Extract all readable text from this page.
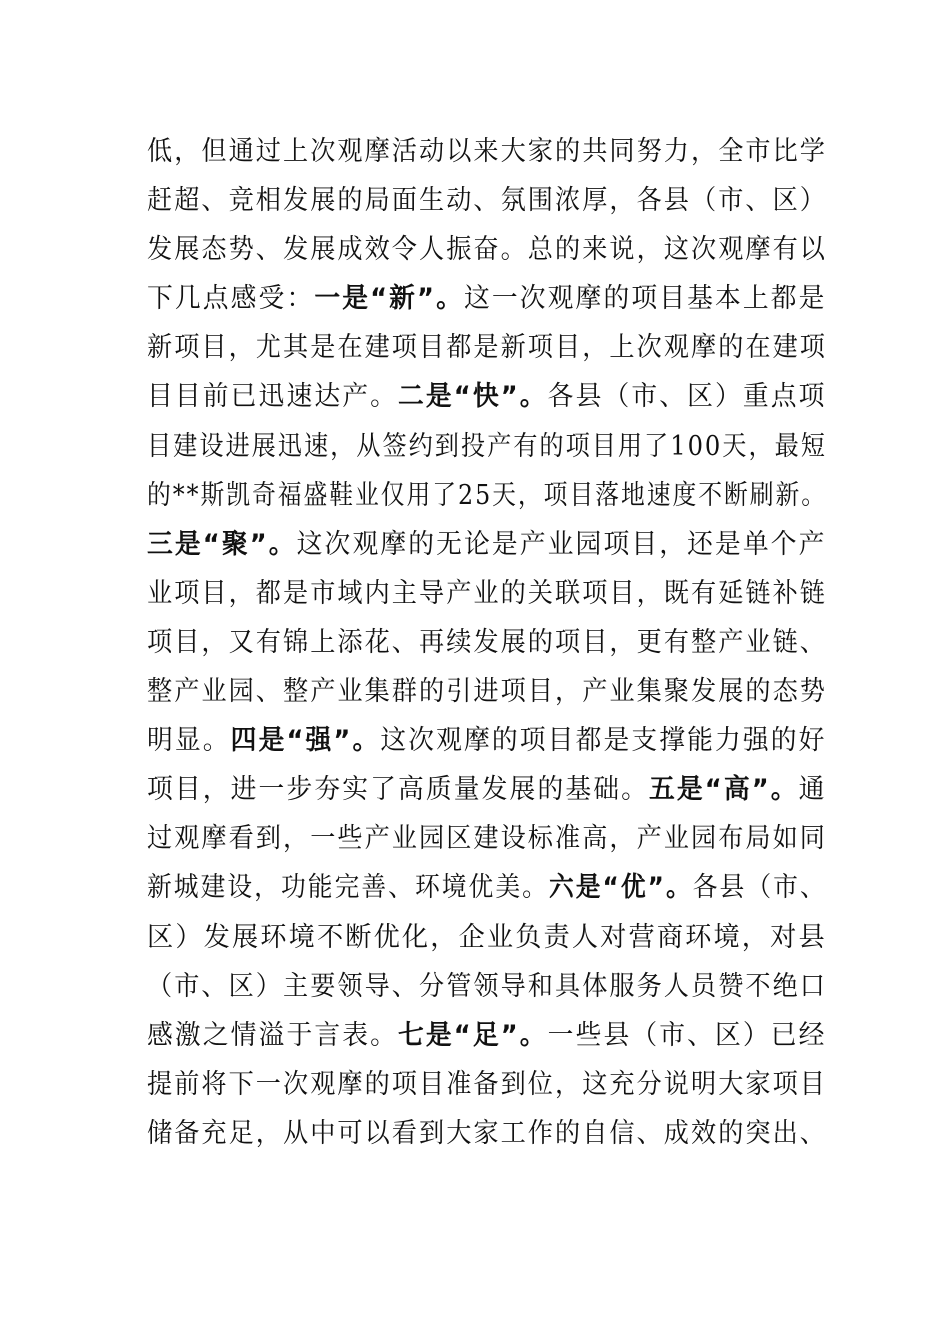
低，但通过上次观摩活动以来大家的共同努力，全市比学
赶超、竞相发展的局面生动、氛围浓厚，各县（市、区）
发展态势、发展成效令人振奋。总的来说，这次观摩有以
下几点感受：一是“新”。这一次观摩的项目基本上都是
新项目，尤其是在建项目都是新项目，上次观摩的在建项
目目前已迅速达产。二是“快”。各县（市、区）重点项
目建设进展迅速，从签约到投产有的项目用了100天，最短
的**斯凯奇福盛鞋业仅用了25天，项目落地速度不断刷新。
三是“聚”。这次观摩的无论是产业园项目，还是单个产
业项目，都是市域内主导产业的关联项目，既有延链补链
项目，又有锦上添花、再续发展的项目，更有整产业链、
整产业园、整产业集群的引进项目，产业集聚发展的态势
明显。四是“强”。这次观摩的项目都是支撑能力强的好
项目，进一步夯实了高质量发展的基础。五是“高”。通
过观摩看到，一些产业园区建设标准高，产业园布局如同
新城建设，功能完善、环境优美。六是“优”。各县（市、
区）发展环境不断优化，企业负责人对营商环境，对县
（市、区）主要领导、分管领导和具体服务人员赞不绝口
感激之情溢于言表。七是“足”。一些县（市、区）已经
提前将下一次观摩的项目准备到位，这充分说明大家项目
储备充足，从中可以看到大家工作的自信、成效的突出、
